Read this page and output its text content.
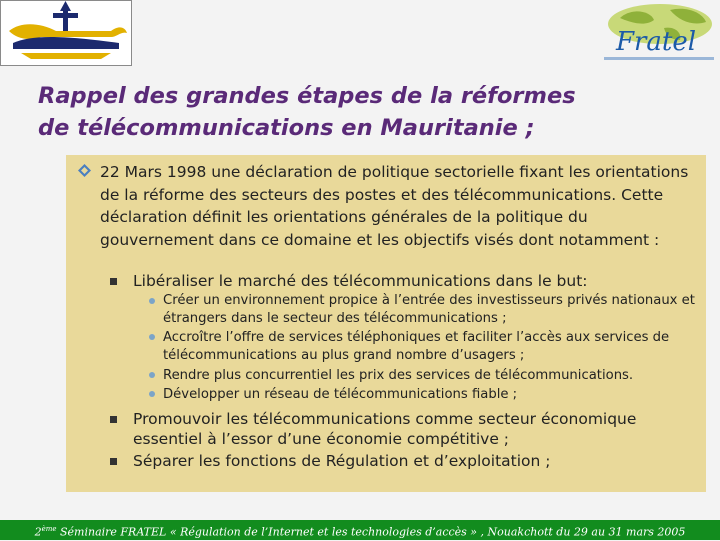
Fratel
Rappel des grandes étapes de la réformes
de télécommunications en Mauritanie ;

22 Mars 1998 une déclaration de politique sectorielle fixant les orientations de la réforme des secteurs des postes et des télécommunications. Cette déclaration définit les orientations générales de la politique du gouvernement dans ce domaine et les objectifs visés dont notamment :

Libéraliser le marché des télécommunications dans le but:

Créer un environnement propice à l’entrée des investisseurs privés nationaux et étrangers dans le secteur des télécommunications ;

Accroître l’offre de services téléphoniques et faciliter l’accès aux services de télécommunications au plus grand nombre d’usagers ;

Rendre plus concurrentiel les prix des services de télécommunications.

Développer un réseau de télécommunications fiable ;

Promouvoir les télécommunications comme secteur économique essentiel à l’essor d’une économie compétitive ;

Séparer les fonctions de Régulation et d’exploitation ;

2ème Séminaire FRATEL « Régulation de l’Internet et les technologies d’accès » , Nouakchott du 29 au 31 mars 2005
